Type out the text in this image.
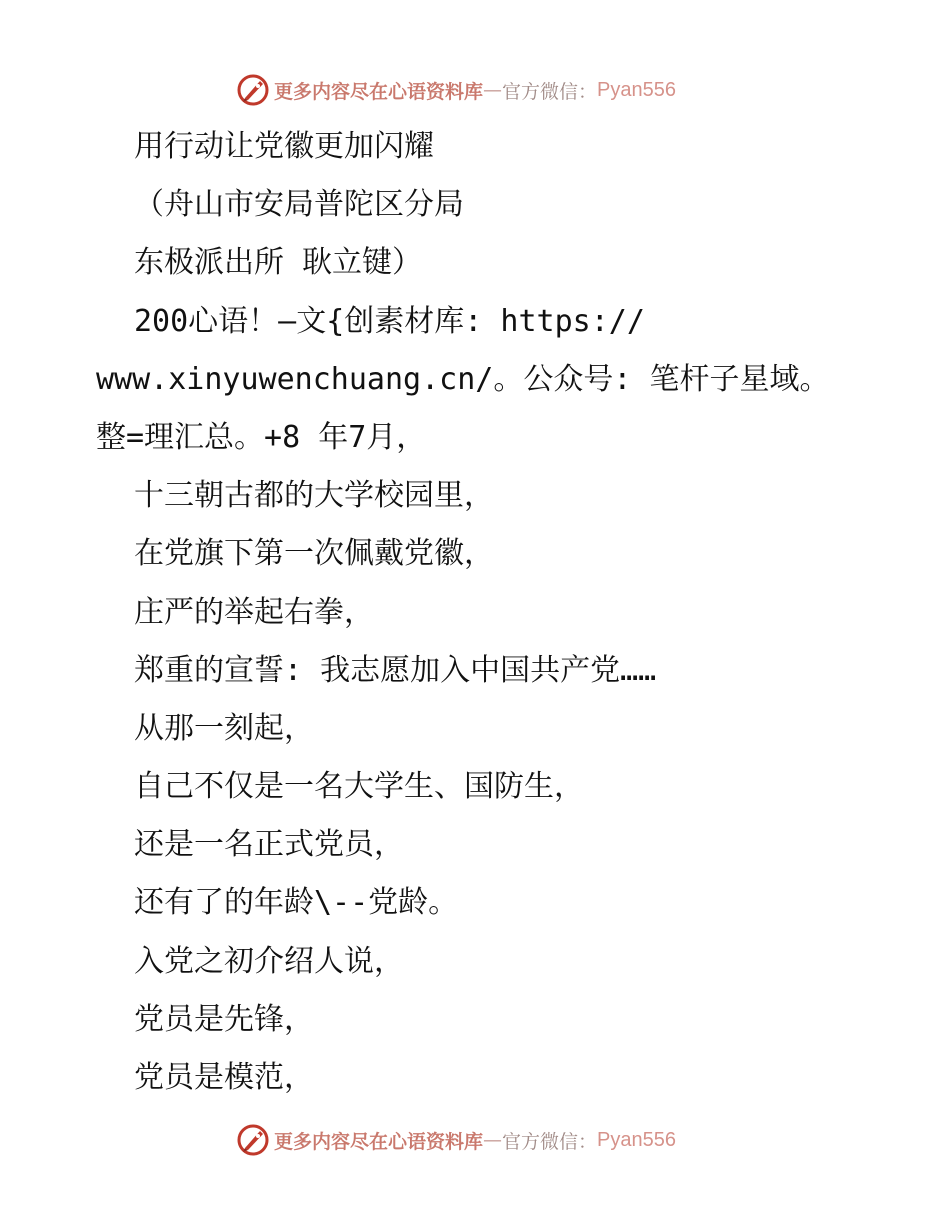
更多内容尽在心语资料库 — 官方微信： Pyan556
用行动让党徽更加闪耀
（舟山市安局普陀区分局
东极派出所 耿立键）
200心语！—文{创素材库: https://
www.xinyuwenchuang.cn/。公众号: 笔杆子星域。
整=理汇总。+8 年7月，
十三朝古都的大学校园里，
在党旗下第一次佩戴党徽，
庄严的举起右拳，
郑重的宣誓: 我志愿加入中国共产党……
从那一刻起，
自己不仅是一名大学生、国防生，
还是一名正式党员，
还有了的年龄\--党龄。
入党之初介绍人说，
党员是先锋，
党员是模范，
更多内容尽在心语资料库 — 官方微信： Pyan556
